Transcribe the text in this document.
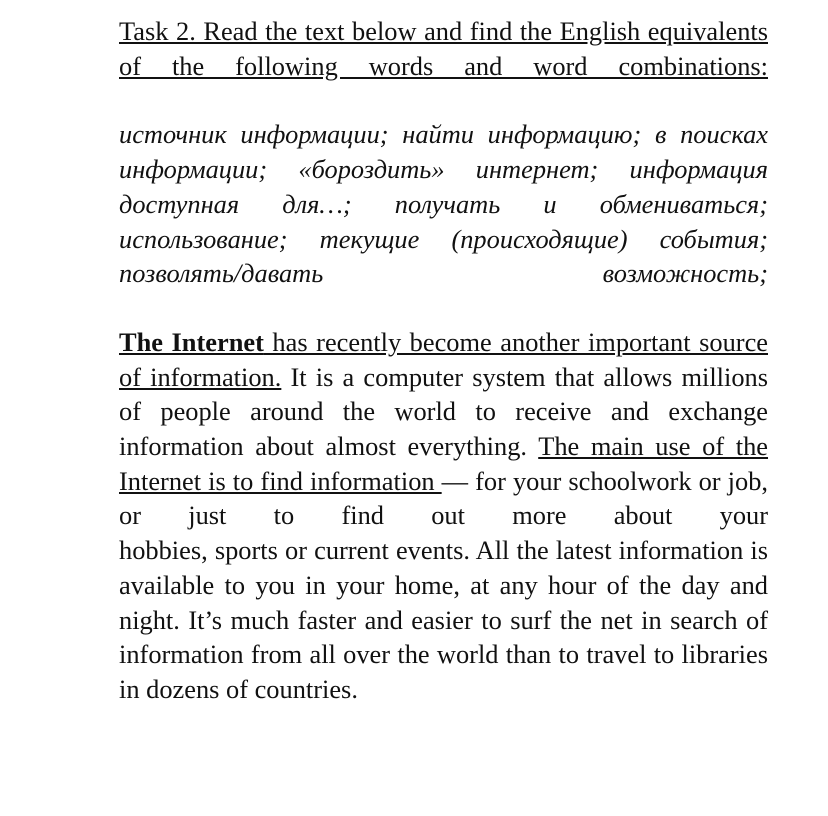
Task 2. Read the text below and find the English equivalents of the following words and word combinations:

источник информации; найти информацию; в поисках информации; «бороздить» интернет; информация доступная для…; получать и обмениваться; использование; текущие (происходящие) события; позволять/давать возможность;

The Internet has recently become another important source of information. It is a computer system that allows millions of people around the world to receive and exchange information about almost everything. The main use of the Internet is to find information — for your schoolwork or job, or just to find out more about your

hobbies, sports or current events. All the latest information is available to you in your home, at any hour of the day and night. It’s much faster and easier to surf the net in search of information from all over the world than to travel to libraries in dozens of countries.
